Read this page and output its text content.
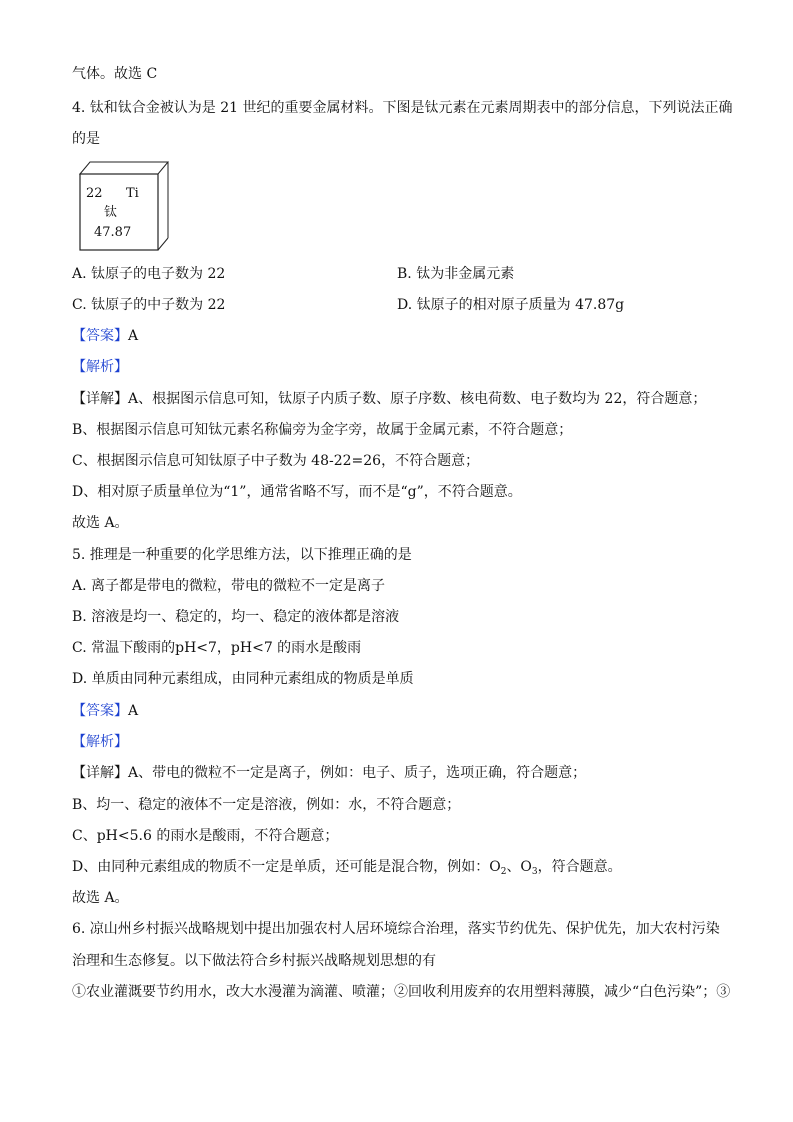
气体。故选 C
4. 钛和钛合金被认为是 21 世纪的重要金属材料。下图是钛元素在元素周期表中的部分信息，下列说法正确
的是
22 Ti
钛
47.87
A. 钛原子的电子数为 22	B. 钛为非金属元素
C. 钛原子的中子数为 22	D. 钛原子的相对原子质量为 47.87g
【答案】A
【解析】
【详解】A、根据图示信息可知，钛原子内质子数、原子序数、核电荷数、电子数均为 22，符合题意；
B、根据图示信息可知钛元素名称偏旁为金字旁，故属于金属元素，不符合题意；
C、根据图示信息可知钛原子中子数为 48-22=26，不符合题意；
D、相对原子质量单位为“1”，通常省略不写，而不是“g”，不符合题意。
故选 A。
5. 推理是一种重要的化学思维方法，以下推理正确的是
A. 离子都是带电的微粒，带电的微粒不一定是离子
B. 溶液是均一、稳定的，均一、稳定的液体都是溶液
C. 常温下酸雨的pH<7，pH<7 的雨水是酸雨
D. 单质由同种元素组成，由同种元素组成的物质是单质
【答案】A
【解析】
【详解】A、带电的微粒不一定是离子，例如：电子、质子，选项正确，符合题意；
B、均一、稳定的液体不一定是溶液，例如：水，不符合题意；
C、pH<5.6 的雨水是酸雨，不符合题意；
D、由同种元素组成的物质不一定是单质，还可能是混合物，例如：$O_2$、$O_3$，符合题意。
故选 A。
6. 凉山州乡村振兴战略规划中提出加强农村人居环境综合治理，落实节约优先、保护优先，加大农村污染
治理和生态修复。以下做法符合乡村振兴战略规划思想的有
①农业灌溉要节约用水，改大水漫灌为滴灌、喷灌；②回收利用废弃的农用塑料薄膜，减少“白色污染”；③
